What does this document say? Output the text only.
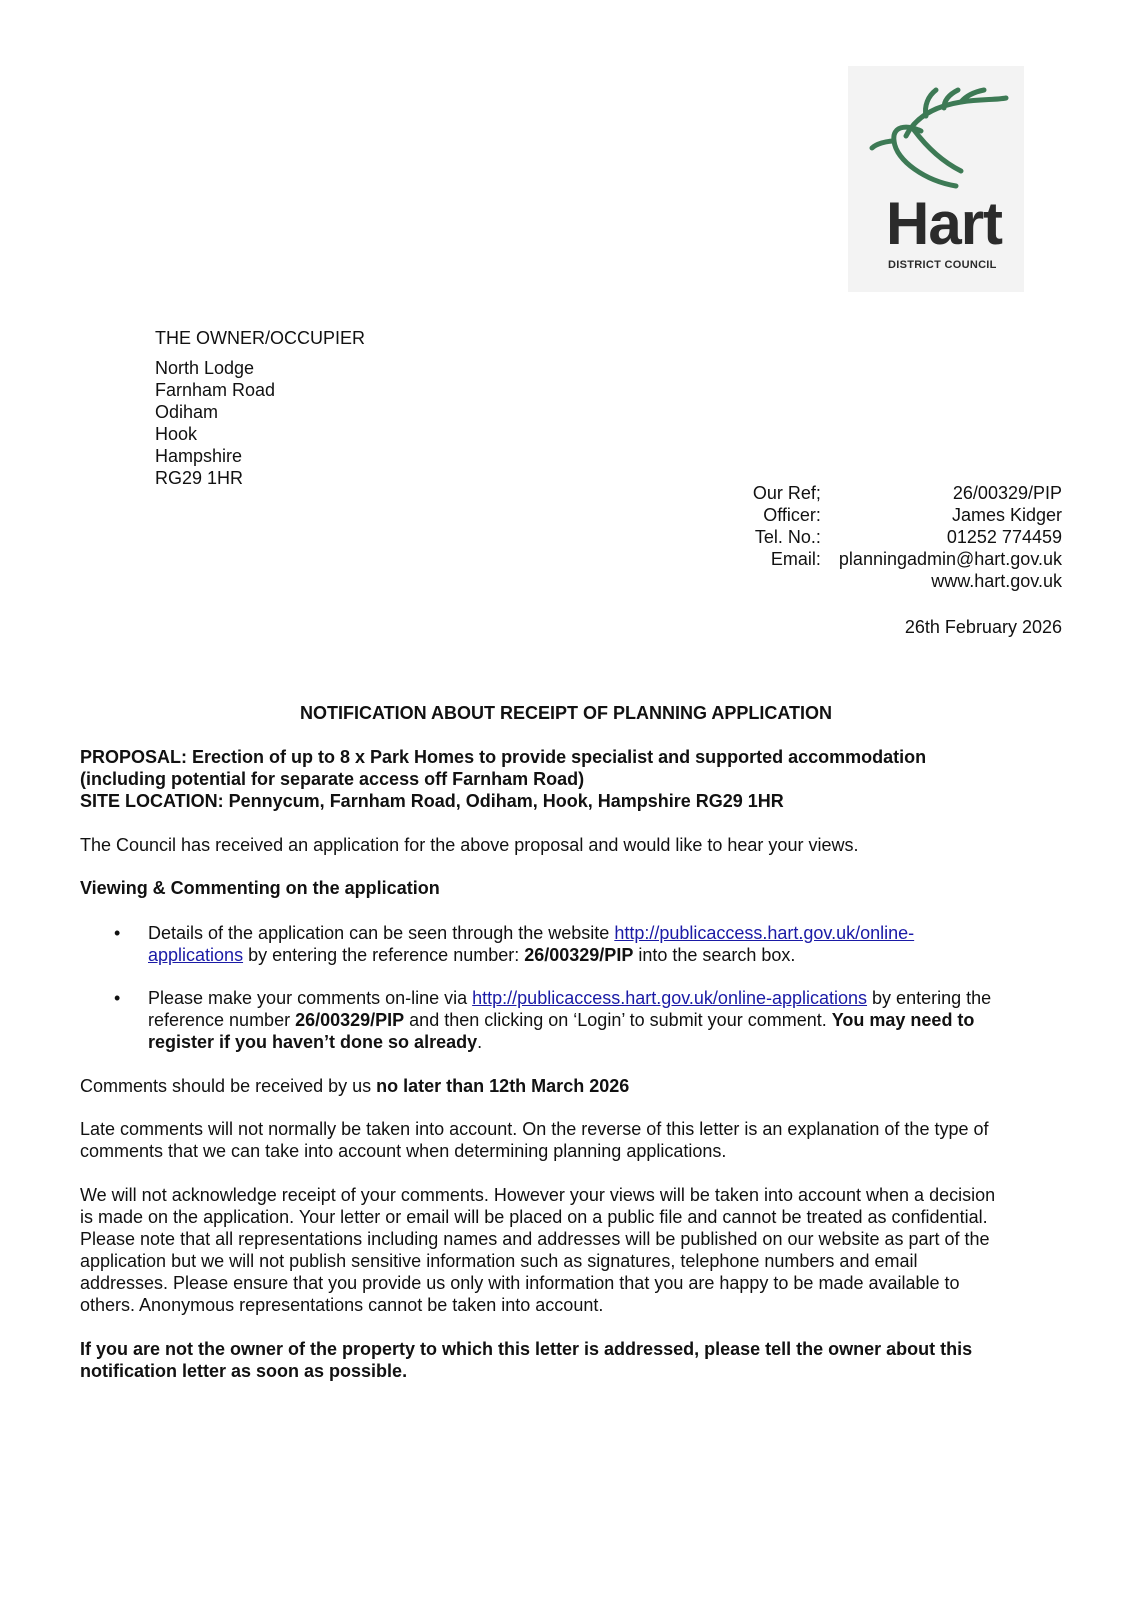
Hart
DISTRICT COUNCIL
THE OWNER/OCCUPIER
North Lodge
Farnham Road
Odiham
Hook
Hampshire
RG29 1HR
Our Ref;	26/00329/PIP
Officer:	James Kidger
Tel. No.:	01252 774459
Email:	planningadmin@hart.gov.uk
	www.hart.gov.uk
26th February 2026
NOTIFICATION ABOUT RECEIPT OF PLANNING APPLICATION
PROPOSAL: Erection of up to 8 x Park Homes to provide specialist and supported accommodation
(including potential for separate access off Farnham Road)
SITE LOCATION: Pennycum, Farnham Road, Odiham, Hook, Hampshire RG29 1HR
The Council has received an application for the above proposal and would like to hear your views.
Viewing & Commenting on the application
• Details of the application can be seen through the website http://publicaccess.hart.gov.uk/online-
applications by entering the reference number: 26/00329/PIP into the search box.
• Please make your comments on-line via http://publicaccess.hart.gov.uk/online-applications by entering the
reference number 26/00329/PIP and then clicking on ‘Login’ to submit your comment. You may need to
register if you haven’t done so already.
Comments should be received by us no later than 12th March 2026
Late comments will not normally be taken into account. On the reverse of this letter is an explanation of the type of
comments that we can take into account when determining planning applications.
We will not acknowledge receipt of your comments. However your views will be taken into account when a decision
is made on the application. Your letter or email will be placed on a public file and cannot be treated as confidential.
Please note that all representations including names and addresses will be published on our website as part of the
application but we will not publish sensitive information such as signatures, telephone numbers and email
addresses. Please ensure that you provide us only with information that you are happy to be made available to
others. Anonymous representations cannot be taken into account.
If you are not the owner of the property to which this letter is addressed, please tell the owner about this
notification letter as soon as possible.
